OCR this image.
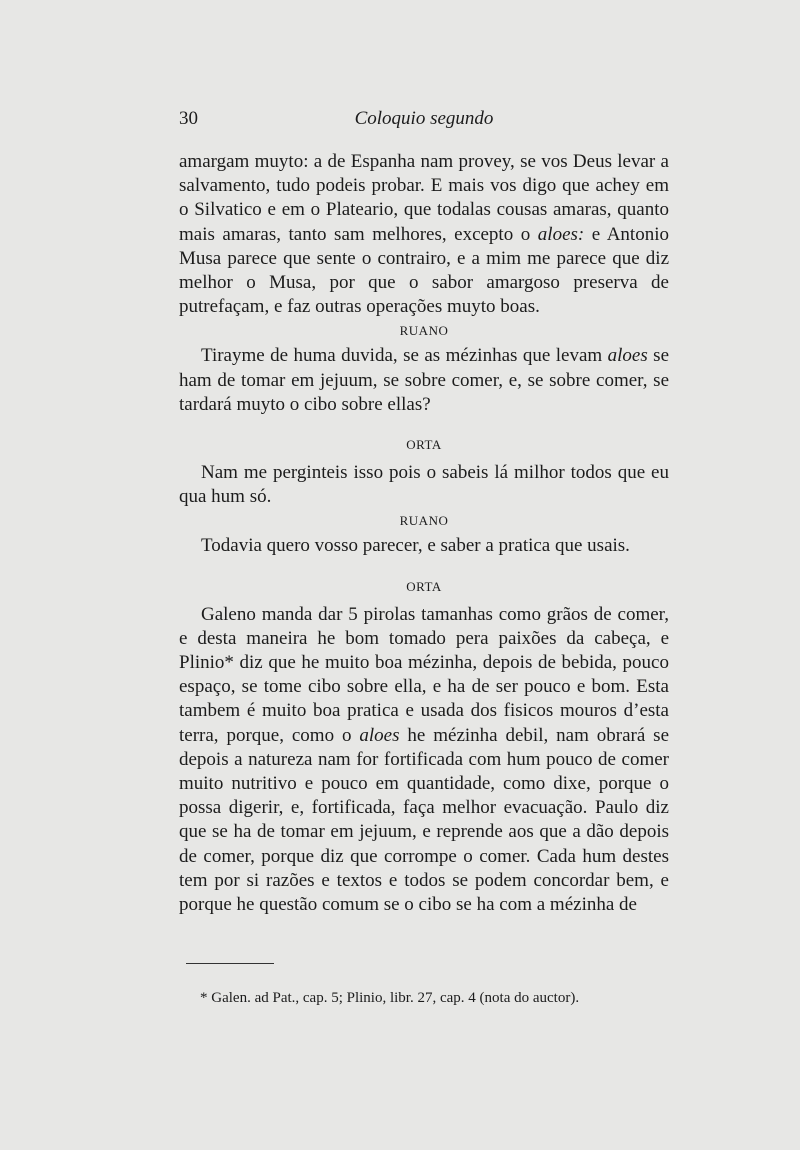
30	Coloquio segundo

amargam muyto: a de Espanha nam provey, se vos Deus levar a salvamento, tudo podeis probar. E mais vos digo que achey em o Silvatico e em o Plateario, que todalas cousas amaras, quanto mais amaras, tanto sam melhores, excepto o aloes: e Antonio Musa parece que sente o contrairo, e a mim me parece que diz melhor o Musa, por que o sabor amargoso preserva de putrefaçam, e faz outras operações muyto boas.

RUANO

Tirayme de huma duvida, se as mézinhas que levam aloes se ham de tomar em jejuum, se sobre comer, e, se sobre comer, se tardará muyto o cibo sobre ellas?

ORTA

Nam me perginteis isso pois o sabeis lá milhor todos que eu qua hum só.

RUANO

Todavia quero vosso parecer, e saber a pratica que usais.

ORTA

Galeno manda dar 5 pirolas tamanhas como grãos de comer, e desta maneira he bom tomado pera paixões da cabeça, e Plinio* diz que he muito boa mézinha, depois de bebida, pouco espaço, se tome cibo sobre ella, e ha de ser pouco e bom. Esta tambem é muito boa pratica e usada dos fisicos mouros d’esta terra, porque, como o aloes he mézinha debil, nam obrará se depois a natureza nam for fortificada com hum pouco de comer muito nutritivo e pouco em quantidade, como dixe, porque o possa digerir, e, fortificada, faça melhor evacuação. Paulo diz que se ha de tomar em jejuum, e reprende aos que a dão depois de comer, porque diz que corrompe o comer. Cada hum destes tem por si razões e textos e todos se podem concordar bem, e porque he questão comum se o cibo se ha com a mézinha de

* Galen. ad Pat., cap. 5; Plinio, libr. 27, cap. 4 (nota do auctor).
